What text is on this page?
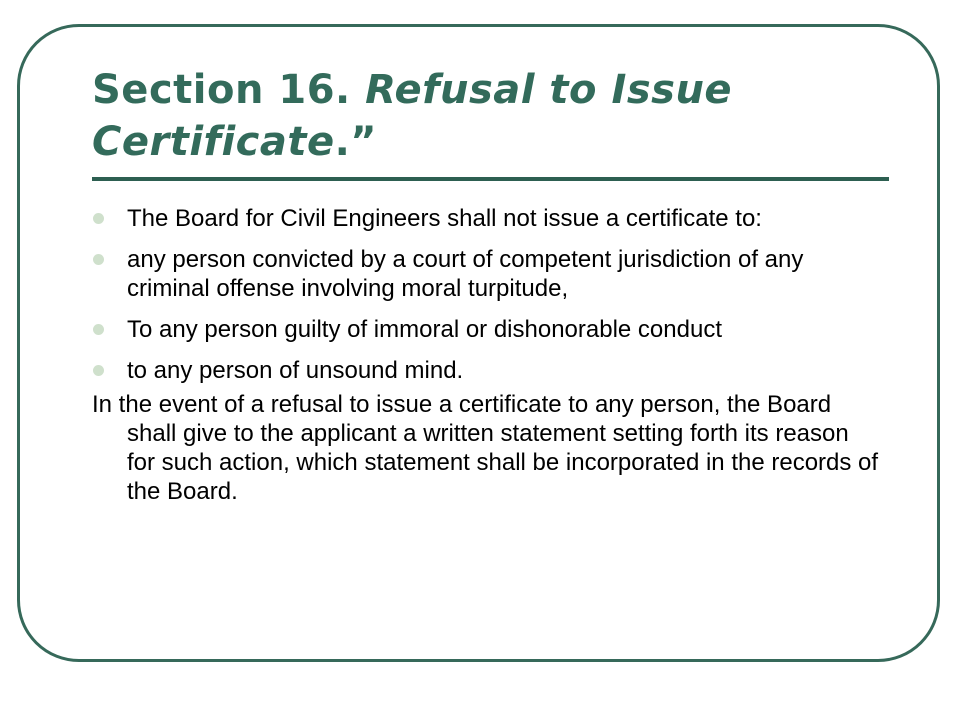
Section 16. Refusal to Issue Certificate.”
The Board for Civil Engineers shall not issue a certificate to:
any person convicted by a court of competent jurisdiction of any criminal offense involving moral turpitude,
To any person guilty of immoral or dishonorable conduct
to any person of unsound mind.

In the event of a refusal to issue a certificate to any person, the Board shall give to the applicant a written statement setting forth its reason for such action, which statement shall be incorporated in the records of the Board.
